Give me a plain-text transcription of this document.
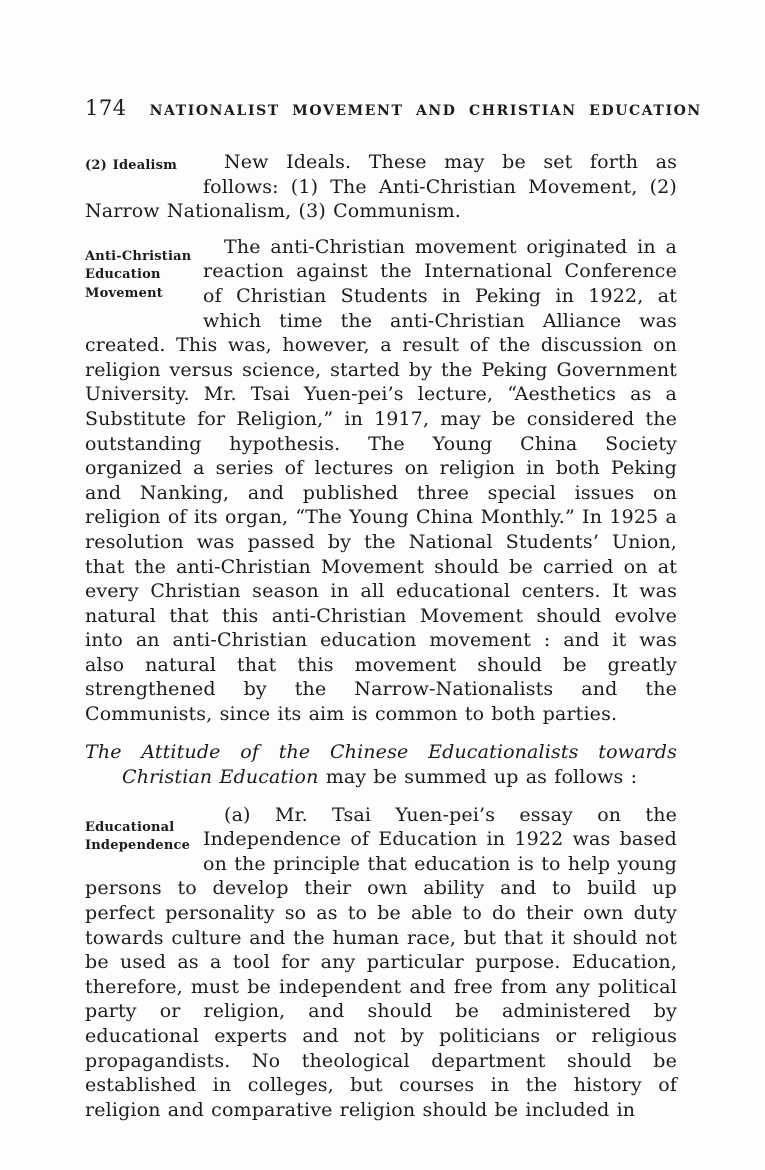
174 NATIONALIST MOVEMENT AND CHRISTIAN EDUCATION
(2) Idealism	New Ideals. These may be set forth as follows: (1) The Anti-Christian Movement, (2) Narrow Nationalism, (3) Communism.
Anti-Christian Education Movement
The anti-Christian movement originated in a reaction against the International Conference of Christian Students in Peking in 1922, at which time the anti-Christian Alliance was created. This was, however, a result of the discussion on religion versus science, started by the Peking Government University. Mr. Tsai Yuen-pei’s lecture, “Aesthetics as a Substitute for Religion,” in 1917, may be considered the outstanding hypothesis. The Young China Society organized a series of lectures on religion in both Peking and Nanking, and published three special issues on religion of its organ, “The Young China Monthly.” In 1925 a resolution was passed by the National Students’ Union, that the anti-Christian Movement should be carried on at every Christian season in all educational centers. It was natural that this anti-Christian Movement should evolve into an anti-Christian education movement : and it was also natural that this movement should be greatly strengthened by the Narrow-Nationalists and the Communists, since its aim is common to both parties.
The Attitude of the Chinese Educationalists towards Christian Education may be summed up as follows :
Educational Independence
(a) Mr. Tsai Yuen-pei’s essay on the Independence of Education in 1922 was based on the principle that education is to help young persons to develop their own ability and to build up perfect personality so as to be able to do their own duty towards culture and the human race, but that it should not be used as a tool for any particular purpose. Education, therefore, must be independent and free from any political party or religion, and should be administered by educational experts and not by politicians or religious propagandists. No theological department should be established in colleges, but courses in the history of religion and comparative religion should be included in
